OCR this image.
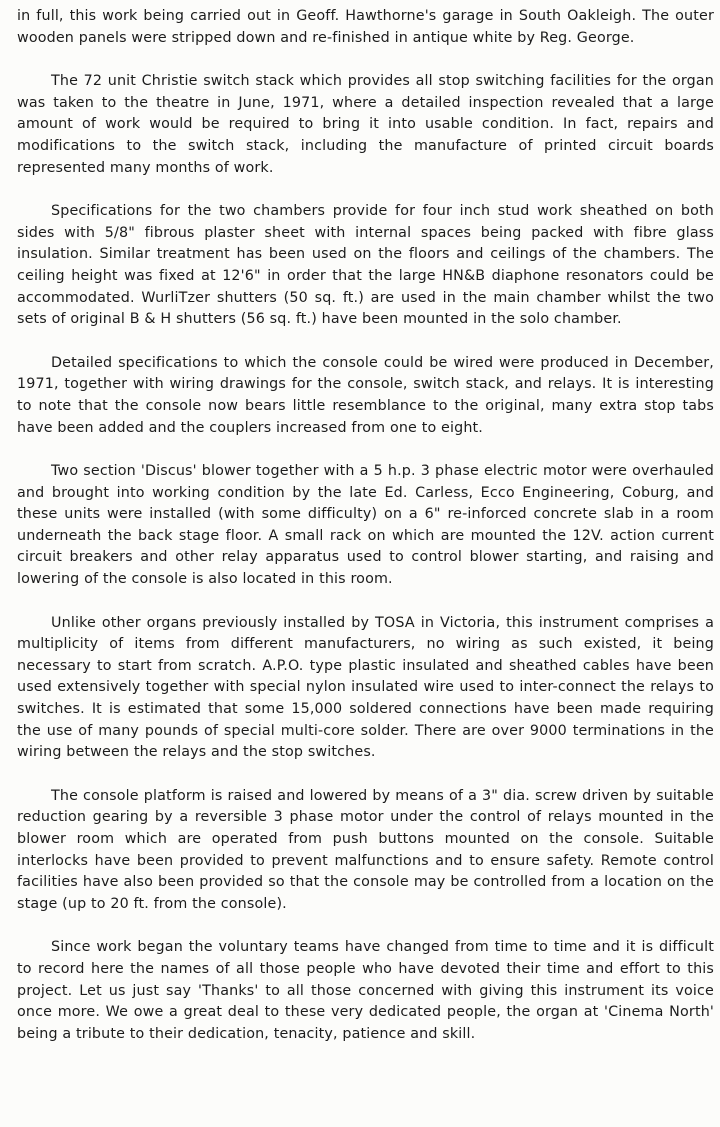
in full, this work being carried out in Geoff. Hawthorne's garage in South Oakleigh. The outer wooden panels were stripped down and re-finished in antique white by Reg. George.

The 72 unit Christie switch stack which provides all stop switching facilities for the organ was taken to the theatre in June, 1971, where a detailed inspection revealed that a large amount of work would be required to bring it into usable condition. In fact, repairs and modifications to the switch stack, including the manufacture of printed circuit boards represented many months of work.

Specifications for the two chambers provide for four inch stud work sheathed on both sides with 5/8" fibrous plaster sheet with internal spaces being packed with fibre glass insulation. Similar treatment has been used on the floors and ceilings of the chambers. The ceiling height was fixed at 12'6" in order that the large HN&B diaphone resonators could be accommodated. WurliTzer shutters (50 sq. ft.) are used in the main chamber whilst the two sets of original B & H shutters (56 sq. ft.) have been mounted in the solo chamber.

Detailed specifications to which the console could be wired were produced in December, 1971, together with wiring drawings for the console, switch stack, and relays. It is interesting to note that the console now bears little resemblance to the original, many extra stop tabs have been added and the couplers increased from one to eight.

Two section 'Discus' blower together with a 5 h.p. 3 phase electric motor were overhauled and brought into working condition by the late Ed. Carless, Ecco Engineering, Coburg, and these units were installed (with some difficulty) on a 6" re-inforced concrete slab in a room underneath the back stage floor. A small rack on which are mounted the 12V. action current circuit breakers and other relay apparatus used to control blower starting, and raising and lowering of the console is also located in this room.

Unlike other organs previously installed by TOSA in Victoria, this instrument comprises a multiplicity of items from different manufacturers, no wiring as such existed, it being necessary to start from scratch. A.P.O. type plastic insulated and sheathed cables have been used extensively together with special nylon insulated wire used to inter-connect the relays to switches. It is estimated that some 15,000 soldered connections have been made requiring the use of many pounds of special multi-core solder. There are over 9000 terminations in the wiring between the relays and the stop switches.

The console platform is raised and lowered by means of a 3" dia. screw driven by suitable reduction gearing by a reversible 3 phase motor under the control of relays mounted in the blower room which are operated from push buttons mounted on the console. Suitable interlocks have been provided to prevent malfunctions and to ensure safety. Remote control facilities have also been provided so that the console may be controlled from a location on the stage (up to 20 ft. from the console).

Since work began the voluntary teams have changed from time to time and it is difficult to record here the names of all those people who have devoted their time and effort to this project. Let us just say 'Thanks' to all those concerned with giving this instrument its voice once more. We owe a great deal to these very dedicated people, the organ at 'Cinema North' being a tribute to their dedication, tenacity, patience and skill.
